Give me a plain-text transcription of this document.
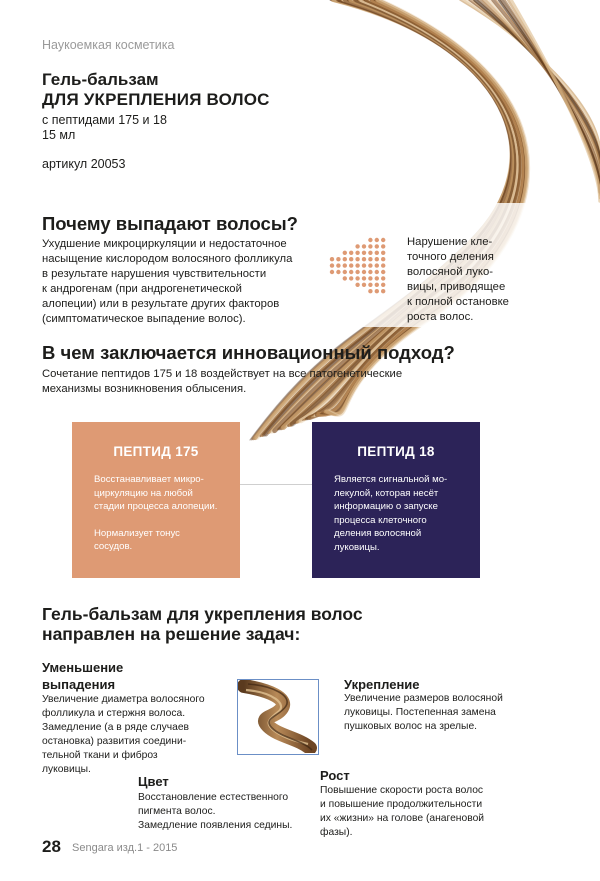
Наукоемкая косметика
Гель-бальзам
ДЛЯ УКРЕПЛЕНИЯ ВОЛОС
с пептидами 175 и 18
15 мл
артикул 20053
Почему выпадают волосы?
Ухудшение микроциркуляции и недостаточное
насыщение кислородом волосяного фолликула
в результате нарушения чувствительности
к андрогенам (при андрогенетической
алопеции) или в результате других факторов
(симптоматическое выпадение волос).
Нарушение кле-
точного деления
волосяной луко-
вицы, приводящее
к полной остановке
роста волос.
В чем заключается инновационный подход?
Сочетание пептидов 175 и 18 воздействует на все патогенетические
механизмы возникновения облысения.
ПЕПТИД 175

Восстанавливает микро-
циркуляцию на любой
стадии процесса алопеции.

Нормализует тонус
сосудов.

ПЕПТИД 18

Является сигнальной мо-
лекулой, которая несёт
информацию о запуске
процесса клеточного
деления волосяной
луковицы.

Гель-бальзам для укрепления волос
направлен на решение задач:
Уменьшение
выпадения
Увеличение диаметра волосяного
фолликула и стержня волоса.
Замедление (а в ряде случаев
остановка) развития соедини-
тельной ткани и фиброз
луковицы.
Укрепление
Увеличение размеров волосяной
луковицы. Постепенная замена
пушковых волос на зрелые.
Цвет
Восстановление естественного
пигмента волос.
Замедление появления седины.
Рост
Повышение скорости роста волос
и повышение продолжительности
их «жизни» на голове (анагеновой
фазы).
28 Sengara изд.1 - 2015
